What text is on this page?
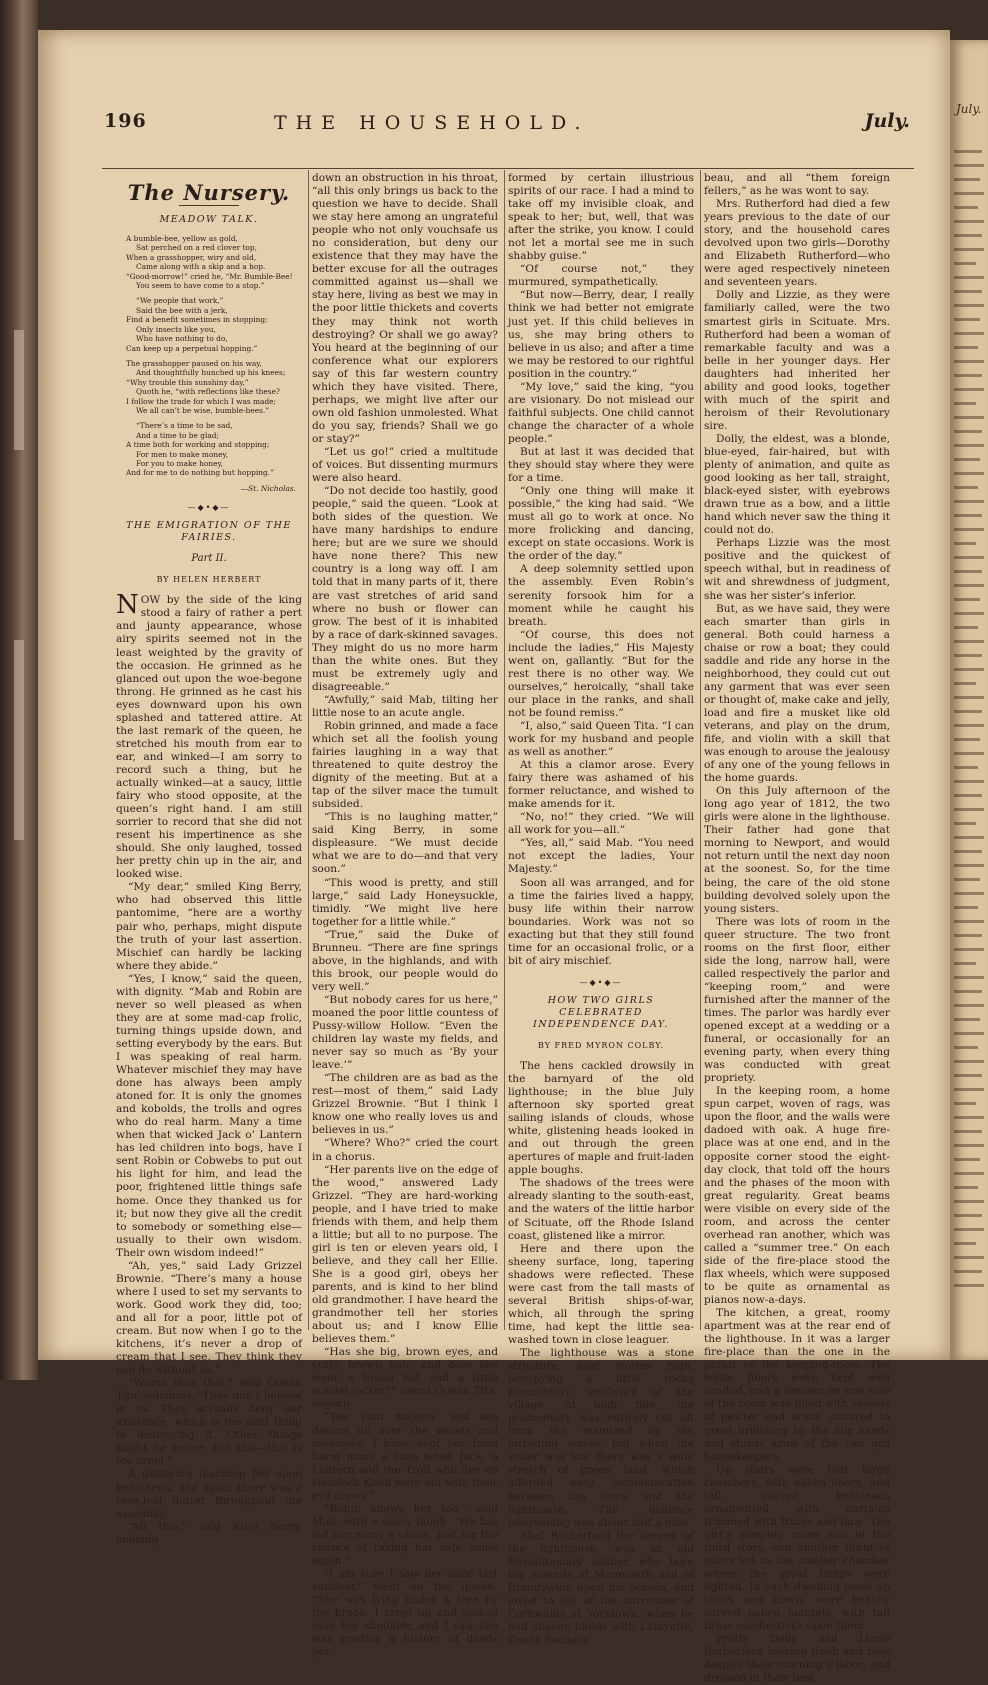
July.
196	THE HOUSEHOLD.	July.
The Nursery.
MEADOW TALK.
A bumble-bee, yellow as gold,
Sat perched on a red clover top,
When a grasshopper, wiry and old,
Came along with a skip and a hop.
“Good-morrow!” cried he, “Mr. Bumble-Bee!
You seem to have come to a stop.”
“We people that work,”
Said the bee with a jerk,
Find a benefit sometimes in stopping;
Only insects like you,
Who have nothing to do,
Can keep up a perpetual hopping.”
The grasshopper paused on his way,
And thoughtfully hunched up his knees;
“Why trouble this sunshiny day,”
Quoth he, “with reflections like these?
I follow the trade for which I was made;
We all can’t be wise, bumble-bees.”
“There’s a time to be sad,
And a time to be glad;
A time both for working and stopping;
For men to make money,
For you to make honey,
And for me to do nothing but hopping.”
—St. Nicholas.
—◆•◆—
THE EMIGRATION OF THE FAIRIES.
Part II.
BY HELEN HERBERT

NOW by the side of the king stood a fairy of rather a pert and jaunty appearance, whose airy spirits seemed not in the least weighted by the gravity of the occasion. He grinned as he glanced out upon the woe-begone throng. He grinned as he cast his eyes downward upon his own splashed and tattered attire. At the last remark of the queen, he stretched his mouth from ear to ear, and winked—I am sorry to record such a thing, but he actually winked—at a saucy, little fairy who stood opposite, at the queen’s right hand. I am still sorrier to record that she did not resent his impertinence as she should. She only laughed, tossed her pretty chin up in the air, and looked wise.

“My dear,” smiled King Berry, who had observed this little pantomime, “here are a worthy pair who, perhaps, might dispute the truth of your last assertion. Mischief can hardly be lacking where they abide.”

“Yes, I know,” said the queen, with dignity. “Mab and Robin are never so well pleased as when they are at some mad-cap frolic, turning things upside down, and setting everybody by the ears. But I was speaking of real harm. Whatever mischief they may have done has always been amply atoned for. It is only the gnomes and kobolds, the trolls and ogres who do real harm. Many a time when that wicked Jack o’ Lantern has led children into bogs, have I sent Robin or Cobwebs to put out his light for him, and lead the poor, frightened little things safe home. Once they thanked us for it; but now they give all the credit to somebody or something else—usually to their own wisdom. Their own wisdom indeed!”

“Ah, yes,” said Lady Grizzel Brownie. “There’s many a house where I used to set my servants to work. Good work they did, too; and all for a poor, little pot of cream. But now when I go to the kitchens, it’s never a drop of cream that I see. They think they can do without us.”

“Worse than that,” said Queen Tita, solemnly. “They don’t believe in us. They actually deny our existence, which is the next thing to destroying it. Other things might be borne; but this—this is too cruel.”

A glittering teardrop fell upon her cheek, and again there was a rose-leaf flutter throughout the assembly.

“All this,” said King Berry, choking

down an obstruction in his throat, “all this only brings us back to the question we have to decide. Shall we stay here among an ungrateful people who not only vouchsafe us no consideration, but deny our existence that they may have the better excuse for all the outrages committed against us—shall we stay here, living as best we may in the poor little thickets and coverts they may think not worth destroying? Or shall we go away? You heard at the beginning of our conference what our explorers say of this far western country which they have visited. There, perhaps, we might live after our own old fashion unmolested. What do you say, friends? Shall we go or stay?”

“Let us go!” cried a multitude of voices. But dissenting murmurs were also heard.

“Do not decide too hastily, good people,” said the queen. “Look at both sides of the question. We have many hardships to endure here; but are we sure we should have none there? This new country is a long way off. I am told that in many parts of it, there are vast stretches of arid sand where no bush or flower can grow. The best of it is inhabited by a race of dark-skinned savages. They might do us no more harm than the white ones. But they must be extremely ugly and disagreeable.”

“Awfully,” said Mab, tilting her little nose to an acute angle.

Robin grinned, and made a face which set all the foolish young fairies laughing in a way that threatened to quite destroy the dignity of the meeting. But at a tap of the silver mace the tumult subsided.

“This is no laughing matter,” said King Berry, in some displeasure. “We must decide what we are to do—and that very soon.”

“This wood is pretty, and still large,” said Lady Honeysuckle, timidly. “We might live here together for a little while.”

“True,” said the Duke of Brunneu. “There are fine springs above, in the highlands, and with this brook, our people would do very well.”

“But nobody cares for us here,” moaned the poor little countess of Pussy-willow Hollow. “Even the children lay waste my fields, and never say so much as ‘By your leave.’”

“The children are as bad as the rest—most of them,” said Lady Grizzel Brownie. “But I think I know one who really loves us and believes in us.”

“Where? Who?” cried the court in a chorus.

“Her parents live on the edge of the wood,” answered Lady Grizzel. “They are hard-working people, and I have tried to make friends with them, and help them a little; but all to no purpose. The girl is ten or eleven years old, I believe, and they call her Ellie. She is a good girl, obeys her parents, and is kind to her blind old grandmother. I have heard the grandmother tell her stories about us; and I know Ellie believes them.”

“Has she big, brown eyes, and curly, brown hair; and does she wear a broad hat and a little scarlet jacket?” asked Queen Tita, eagerly.

“Yes, your majesty; and she dances all over the woods and meadows. I have kept her from harm many a time when Jack ’o Lantern and the Troll who live on Hemlock Knoll were out with their evil crews.”

“Robin knows her too,” said Mab, with a saucy laugh. “He has led her many a chase, just for the chance of taking her safe home again.”

“I am sure I saw her once last summer,” went on the queen. “She was lying under a tree by the brook. I crept up and looked over her shoulder, and I saw she was reading a history of deeds per-

formed by certain illustrious spirits of our race. I had a mind to take off my invisible cloak, and speak to her; but, well, that was after the strike, you know. I could not let a mortal see me in such shabby guise.”

“Of course not,” they murmured, sympathetically.

“But now—Berry, dear, I really think we had better not emigrate just yet. If this child believes in us, she may bring others to believe in us also; and after a time we may be restored to our rightful position in the country.”

“My love,” said the king, “you are visionary. Do not mislead our faithful subjects. One child cannot change the character of a whole people.”

But at last it was decided that they should stay where they were for a time.

“Only one thing will make it possible,” the king had said. “We must all go to work at once. No more frolicking and dancing, except on state occasions. Work is the order of the day.”

A deep solemnity settled upon the assembly. Even Robin’s serenity forsook him for a moment while he caught his breath.

“Of course, this does not include the ladies,” His Majesty went on, gallantly. “But for the rest there is no other way. We ourselves,” heroically, “shall take our place in the ranks, and shall not be found remiss.”

“I, also,” said Queen Tita. “I can work for my husband and people as well as another.”

At this a clamor arose. Every fairy there was ashamed of his former reluctance, and wished to make amends for it.

“No, no!” they cried. “We will all work for you—all.”

“Yes, all,” said Mab. “You need not except the ladies, Your Majesty.”

Soon all was arranged, and for a time the fairies lived a happy, busy life within their narrow boundaries. Work was not so exacting but that they still found time for an occasional frolic, or a bit of airy mischief.

—◆•◆—
HOW TWO GIRLS CELEBRATED INDEPENDENCE DAY.
BY FRED MYRON COLBY.

The hens cackled drowsily in the barnyard of the old lighthouse; in the blue July afternoon sky sported great sailing islands of clouds, whose white, glistening heads looked in and out through the green apertures of maple and fruit-laden apple boughs.

The shadows of the trees were already slanting to the south-east, and the waters of the little harbor of Scituate, off the Rhode Island coast, glistened like a mirror.

Here and there upon the sheeny surface, long, tapering shadows were reflected. These were cast from the tall masts of several British ships-of-war, which, all through the spring time, had kept the little sea-washed town in close leaguer.

The lighthouse was a stone structure, four stories high, occupying a little rocky promontory westward of the village. At high tide, the promontory was entirely cut off from the mainland by the intruding waves, but when the water was low there was a wide stretch of green land, which afforded easy communication between the town and the lighthouse. The distance intervening was about half a mile.

Abel Rutherford the keeper of the lighthouse, was an old Revolutionary soldier, who bore the wounds of Monmouth and of Brandywine upon his person, and loved to tell of the surrender of Cornwallis at Yorktown, when he had shaken hands with Lafayette, Count Rocham-

beau, and all “them foreign fellers,” as he was wont to say.

Mrs. Rutherford had died a few years previous to the date of our story, and the household cares devolved upon two girls—Dorothy and Elizabeth Rutherford—who were aged respectively nineteen and seventeen years.

Dolly and Lizzie, as they were familiarly called, were the two smartest girls in Scituate. Mrs. Rutherford had been a woman of remarkable faculty and was a belle in her younger days. Her daughters had inherited her ability and good looks, together with much of the spirit and heroism of their Revolutionary sire.

Dolly, the eldest, was a blonde, blue-eyed, fair-haired, but with plenty of animation, and quite as good looking as her tall, straight, black-eyed sister, with eyebrows drawn true as a bow, and a little hand which never saw the thing it could not do.

Perhaps Lizzie was the most positive and the quickest of speech withal, but in readiness of wit and shrewdness of judgment, she was her sister’s inferior.

But, as we have said, they were each smarter than girls in general. Both could harness a chaise or row a boat; they could saddle and ride any horse in the neighborhood, they could cut out any garment that was ever seen or thought of, make cake and jelly, load and fire a musket like old veterans, and play on the drum, fife, and violin with a skill that was enough to arouse the jealousy of any one of the young fellows in the home guards.

On this July afternoon of the long ago year of 1812, the two girls were alone in the lighthouse. Their father had gone that morning to Newport, and would not return until the next day noon at the soonest. So, for the time being, the care of the old stone building devolved solely upon the young sisters.

There was lots of room in the queer structure. The two front rooms on the first floor, either side the long, narrow hall, were called respectively the parlor and “keeping room,” and were furnished after the manner of the times. The parlor was hardly ever opened except at a wedding or a funeral, or occasionally for an evening party, when every thing was conducted with great propriety.

In the keeping room, a home spun carpet, woven of rags, was upon the floor, and the walls were dadoed with oak. A huge fire-place was at one end, and in the opposite corner stood the eight-day clock, that told off the hours and the phases of the moon with great regularity. Great beams were visible on every side of the room, and across the center overhead ran another, which was called a “summer tree.” On each side of the fire-place stood the flax wheels, which were supposed to be quite as ornamental as pianos now-a-days.

The kitchen, a great, roomy apartment was at the rear end of the lighthouse. In it was a larger fire-place than the one in the parlor or the keeping-room. The white floors were kept well sanded, and a dresser on one side of the room was filled with vessels of pewter and brass, scoured to great brilliancy by the fair hands and sturdy arms of the two girl housekeepers.

Up stairs were four large chambers, with oaken floors, and tall, carved bedsteads ornamented with curtains trimmed with fringe and lace. The girl’s sleeping room was in the third story, and another flight of stairs led to the smaller chamber where the great lamps were lighted. In each dwelling room up stairs and down, were heavily carved oaken mantels, with tall brass candlesticks upon them.

Pretty Dolly and Lizzie Rutherford looking fresh and rosy despite their morning’s labor, and dressed in their best
